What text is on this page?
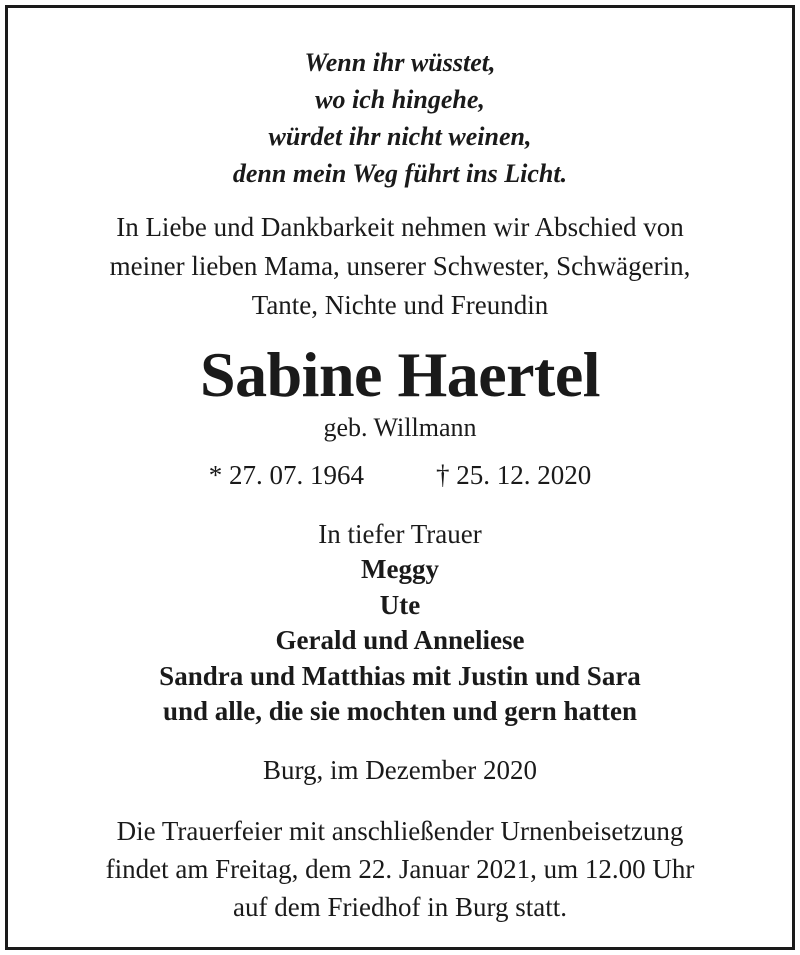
Wenn ihr wüsstet,
wo ich hingehe,
würdet ihr nicht weinen,
denn mein Weg führt ins Licht.
In Liebe und Dankbarkeit nehmen wir Abschied von
meiner lieben Mama, unserer Schwester, Schwägerin,
Tante, Nichte und Freundin
Sabine Haertel
geb. Willmann
* 27. 07. 1964	† 25. 12. 2020
In tiefer Trauer
Meggy
Ute
Gerald und Anneliese
Sandra und Matthias mit Justin und Sara
und alle, die sie mochten und gern hatten
Burg, im Dezember 2020
Die Trauerfeier mit anschließender Urnenbeisetzung
findet am Freitag, dem 22. Januar 2021, um 12.00 Uhr
auf dem Friedhof in Burg statt.
